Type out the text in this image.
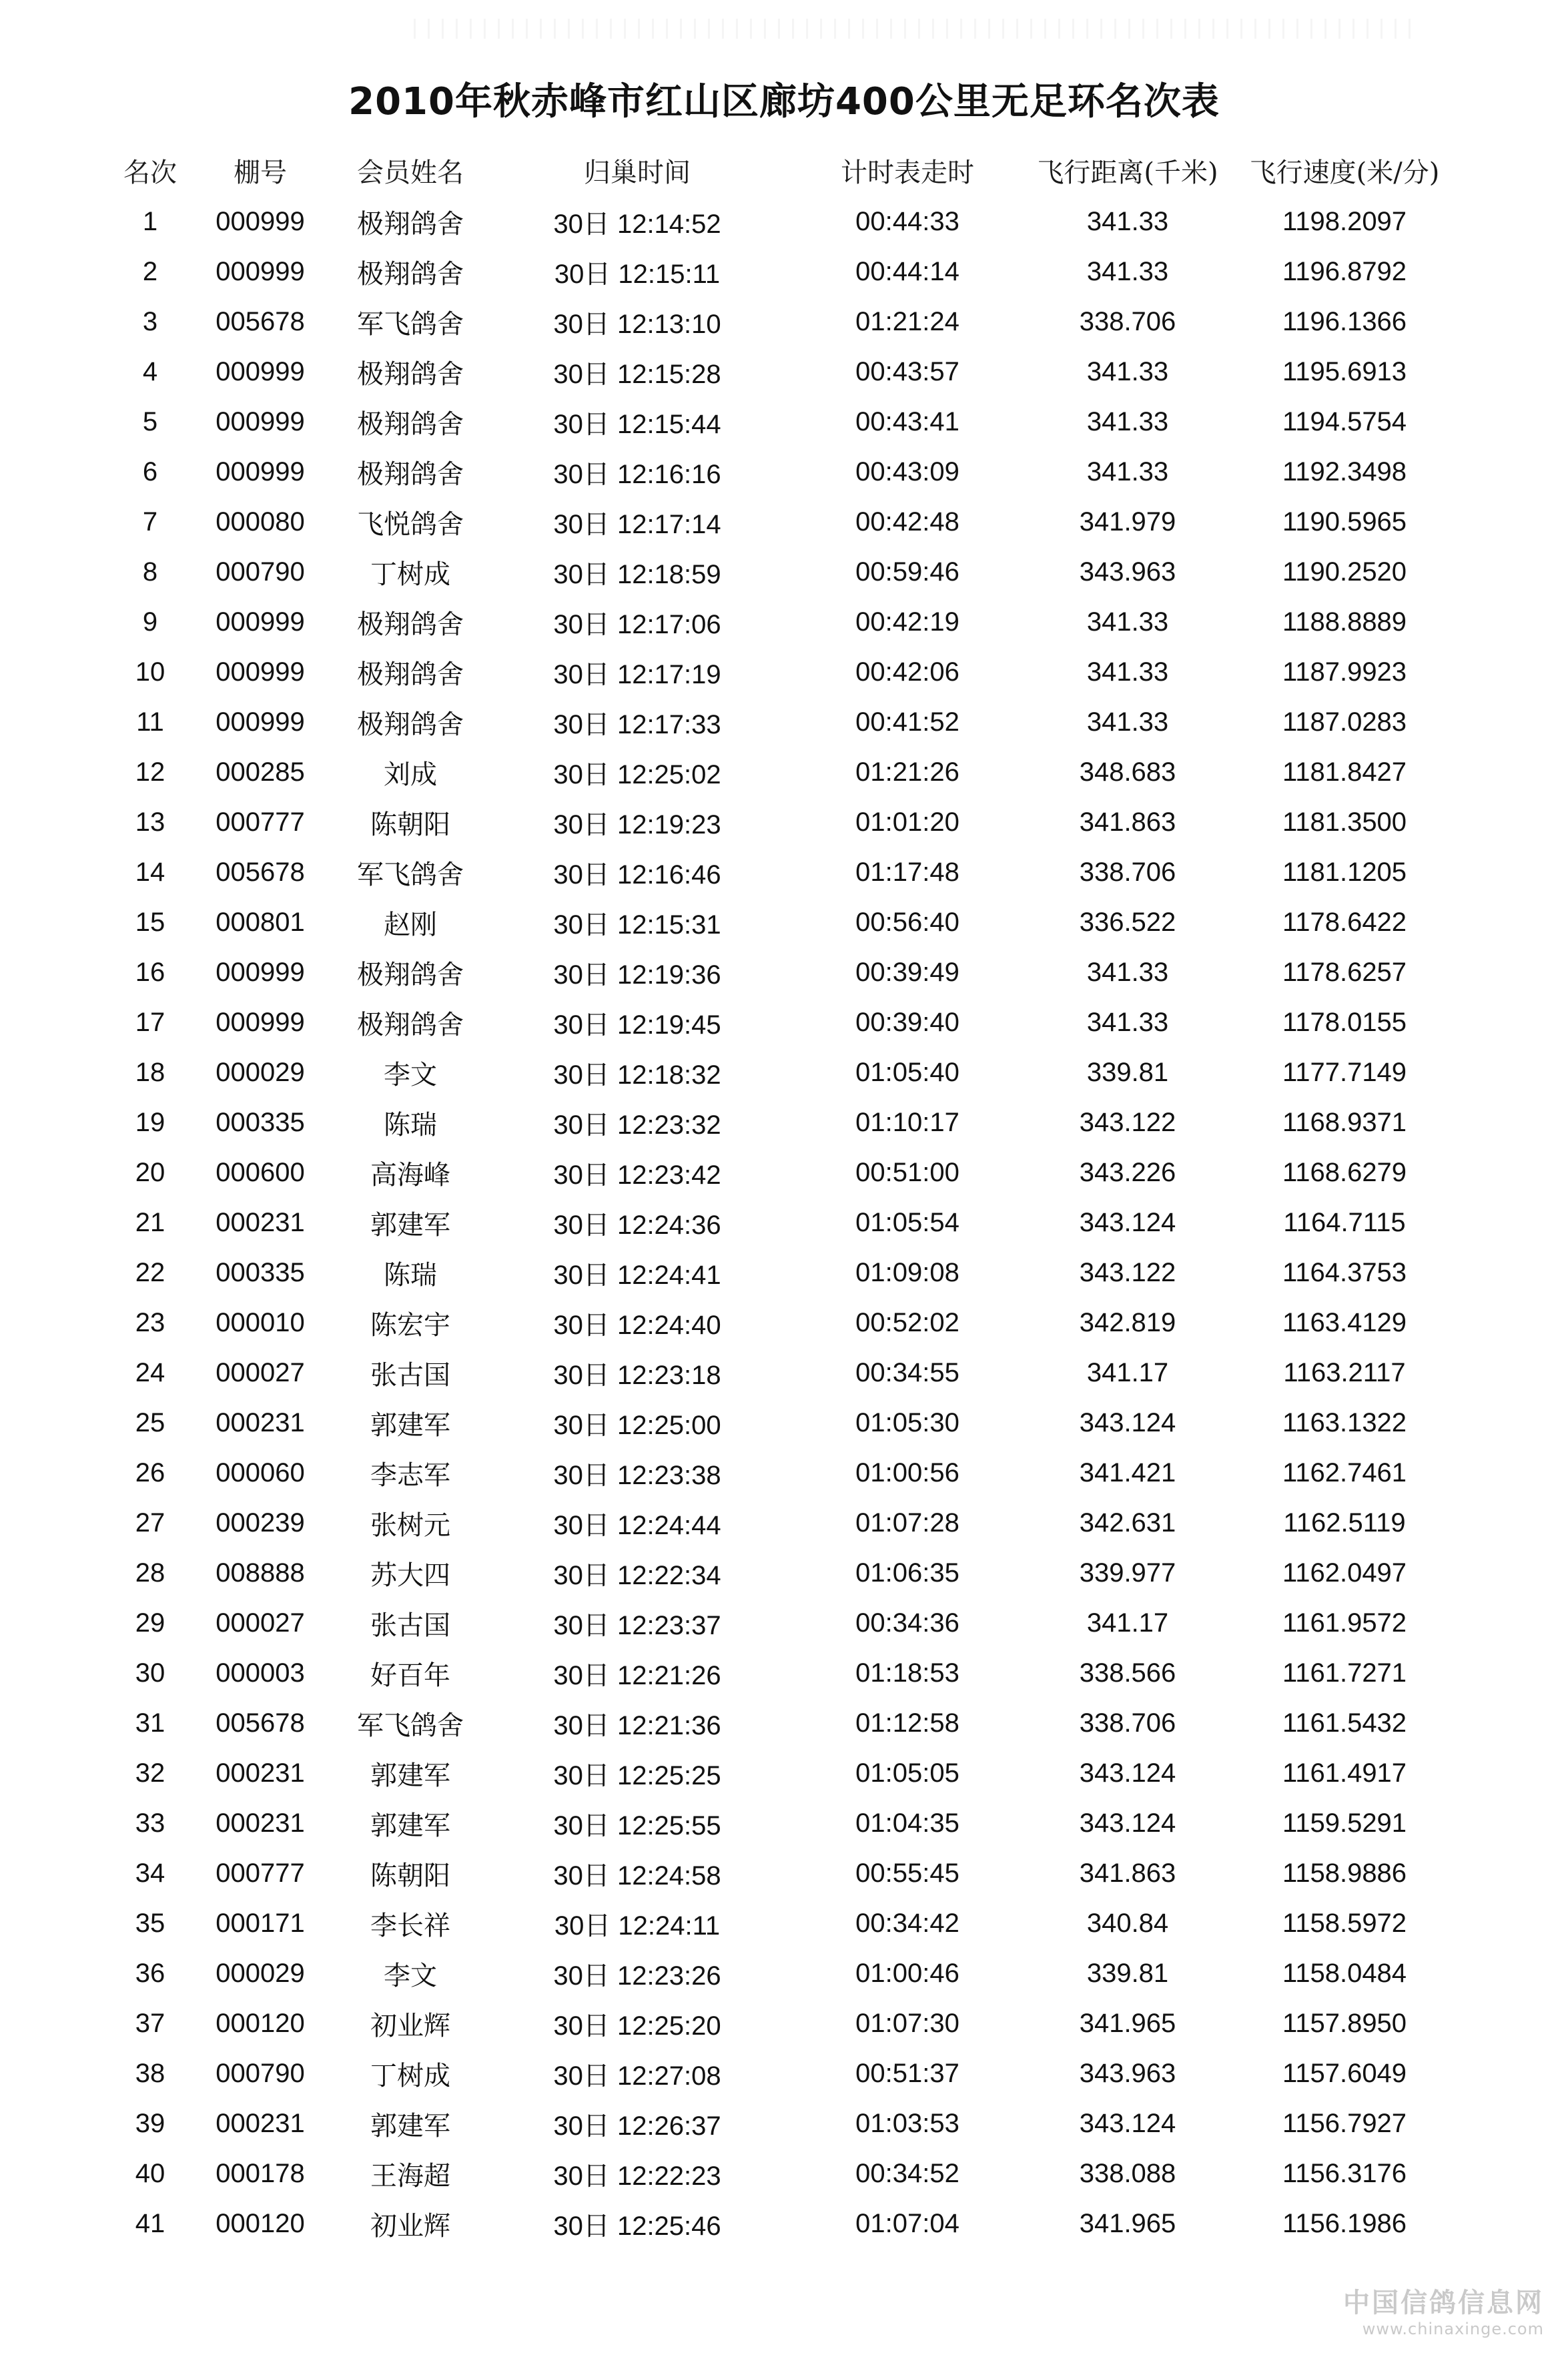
2010年秋赤峰市红山区廊坊400公里无足环名次表
名次	棚号	会员姓名	归巢时间	计时表走时	飞行距离(千米)	飞行速度(米/分)
1	000999	极翔鸽舍	30日 12:14:52	00:44:33	341.33	1198.2097
2	000999	极翔鸽舍	30日 12:15:11	00:44:14	341.33	1196.8792
3	005678	军飞鸽舍	30日 12:13:10	01:21:24	338.706	1196.1366
4	000999	极翔鸽舍	30日 12:15:28	00:43:57	341.33	1195.6913
5	000999	极翔鸽舍	30日 12:15:44	00:43:41	341.33	1194.5754
6	000999	极翔鸽舍	30日 12:16:16	00:43:09	341.33	1192.3498
7	000080	飞悦鸽舍	30日 12:17:14	00:42:48	341.979	1190.5965
8	000790	丁树成	30日 12:18:59	00:59:46	343.963	1190.2520
9	000999	极翔鸽舍	30日 12:17:06	00:42:19	341.33	1188.8889
10	000999	极翔鸽舍	30日 12:17:19	00:42:06	341.33	1187.9923
11	000999	极翔鸽舍	30日 12:17:33	00:41:52	341.33	1187.0283
12	000285	刘成	30日 12:25:02	01:21:26	348.683	1181.8427
13	000777	陈朝阳	30日 12:19:23	01:01:20	341.863	1181.3500
14	005678	军飞鸽舍	30日 12:16:46	01:17:48	338.706	1181.1205
15	000801	赵刚	30日 12:15:31	00:56:40	336.522	1178.6422
16	000999	极翔鸽舍	30日 12:19:36	00:39:49	341.33	1178.6257
17	000999	极翔鸽舍	30日 12:19:45	00:39:40	341.33	1178.0155
18	000029	李文	30日 12:18:32	01:05:40	339.81	1177.7149
19	000335	陈瑞	30日 12:23:32	01:10:17	343.122	1168.9371
20	000600	高海峰	30日 12:23:42	00:51:00	343.226	1168.6279
21	000231	郭建军	30日 12:24:36	01:05:54	343.124	1164.7115
22	000335	陈瑞	30日 12:24:41	01:09:08	343.122	1164.3753
23	000010	陈宏宇	30日 12:24:40	00:52:02	342.819	1163.4129
24	000027	张古国	30日 12:23:18	00:34:55	341.17	1163.2117
25	000231	郭建军	30日 12:25:00	01:05:30	343.124	1163.1322
26	000060	李志军	30日 12:23:38	01:00:56	341.421	1162.7461
27	000239	张树元	30日 12:24:44	01:07:28	342.631	1162.5119
28	008888	苏大四	30日 12:22:34	01:06:35	339.977	1162.0497
29	000027	张古国	30日 12:23:37	00:34:36	341.17	1161.9572
30	000003	好百年	30日 12:21:26	01:18:53	338.566	1161.7271
31	005678	军飞鸽舍	30日 12:21:36	01:12:58	338.706	1161.5432
32	000231	郭建军	30日 12:25:25	01:05:05	343.124	1161.4917
33	000231	郭建军	30日 12:25:55	01:04:35	343.124	1159.5291
34	000777	陈朝阳	30日 12:24:58	00:55:45	341.863	1158.9886
35	000171	李长祥	30日 12:24:11	00:34:42	340.84	1158.5972
36	000029	李文	30日 12:23:26	01:00:46	339.81	1158.0484
37	000120	初业辉	30日 12:25:20	01:07:30	341.965	1157.8950
38	000790	丁树成	30日 12:27:08	00:51:37	343.963	1157.6049
39	000231	郭建军	30日 12:26:37	01:03:53	343.124	1156.7927
40	000178	王海超	30日 12:22:23	00:34:52	338.088	1156.3176
41	000120	初业辉	30日 12:25:46	01:07:04	341.965	1156.1986
中国信鸽信息网
www.chinaxinge.com
